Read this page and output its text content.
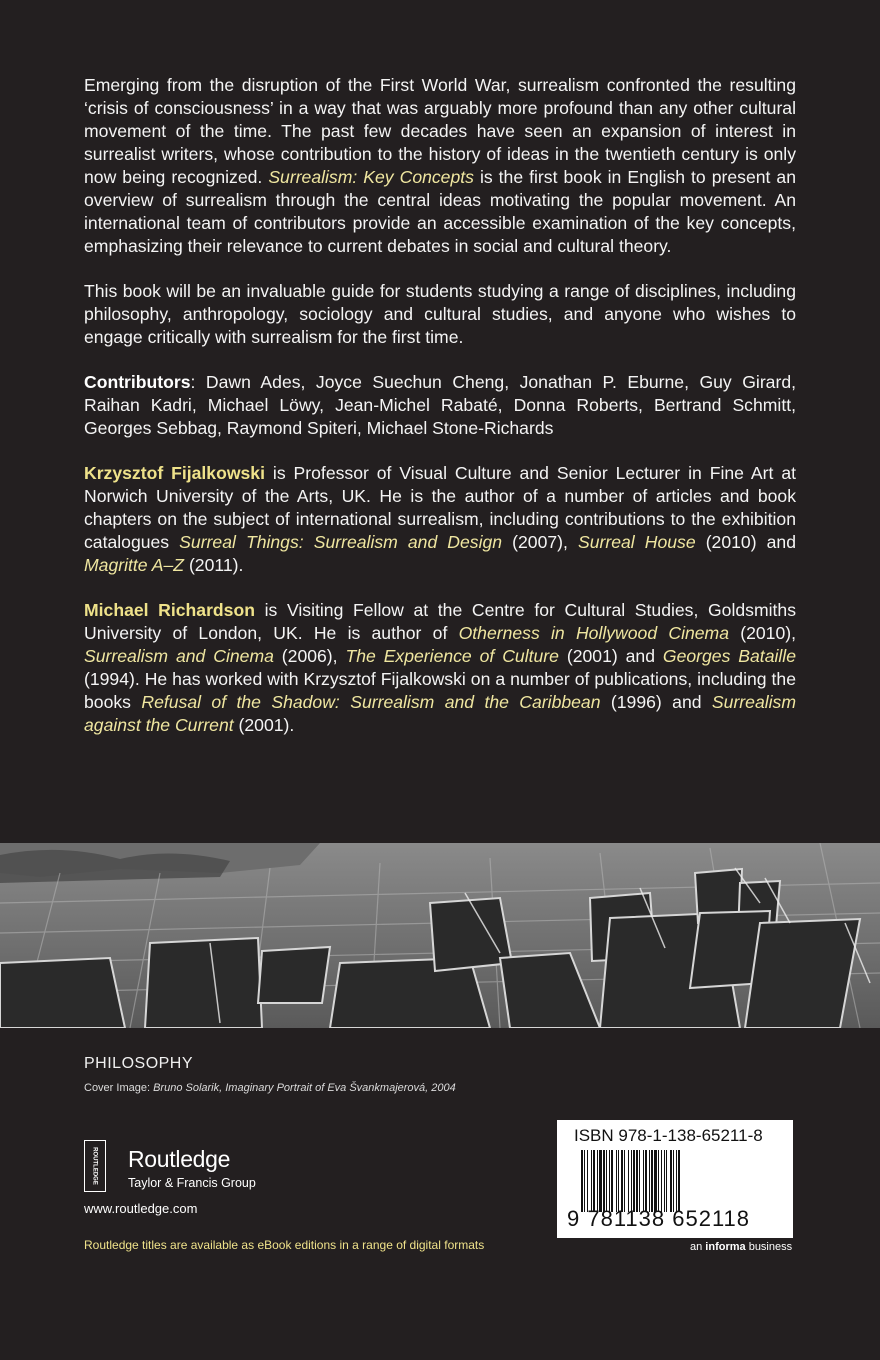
Emerging from the disruption of the First World War, surrealism confronted the resulting ‘crisis of consciousness’ in a way that was arguably more profound than any other cultural movement of the time. The past few decades have seen an expansion of interest in surrealist writers, whose contribution to the history of ideas in the twentieth century is only now being recognized. Surrealism: Key Concepts is the first book in English to present an overview of surrealism through the central ideas motivating the popular movement. An international team of contributors provide an accessible examination of the key concepts, emphasizing their relevance to current debates in social and cultural theory.

This book will be an invaluable guide for students studying a range of disciplines, including philosophy, anthropology, sociology and cultural studies, and anyone who wishes to engage critically with surrealism for the first time.

Contributors: Dawn Ades, Joyce Suechun Cheng, Jonathan P. Eburne, Guy Girard, Raihan Kadri, Michael Löwy, Jean-Michel Rabaté, Donna Roberts, Bertrand Schmitt, Georges Sebbag, Raymond Spiteri, Michael Stone-Richards

Krzysztof Fijalkowski is Professor of Visual Culture and Senior Lecturer in Fine Art at Norwich University of the Arts, UK. He is the author of a number of articles and book chapters on the subject of international surrealism, including contributions to the exhibition catalogues Surreal Things: Surrealism and Design (2007), Surreal House (2010) and Magritte A–Z (2011).

Michael Richardson is Visiting Fellow at the Centre for Cultural Studies, Goldsmiths University of London, UK. He is author of Otherness in Hollywood Cinema (2010), Surrealism and Cinema (2006), The Experience of Culture (2001) and Georges Bataille (1994). He has worked with Krzysztof Fijalkowski on a number of publications, including the books Refusal of the Shadow: Surrealism and the Caribbean (1996) and Surrealism against the Current (2001).

PHILOSOPHY
Cover Image: Bruno Solarik, Imaginary Portrait of Eva Švankmajerová, 2004
ROUTLEDGE Routledge
Taylor & Francis Group
www.routledge.com
Routledge titles are available as eBook editions in a range of digital formats
ISBN 978-1-138-65211-8
9 781138 652118
an informa business
